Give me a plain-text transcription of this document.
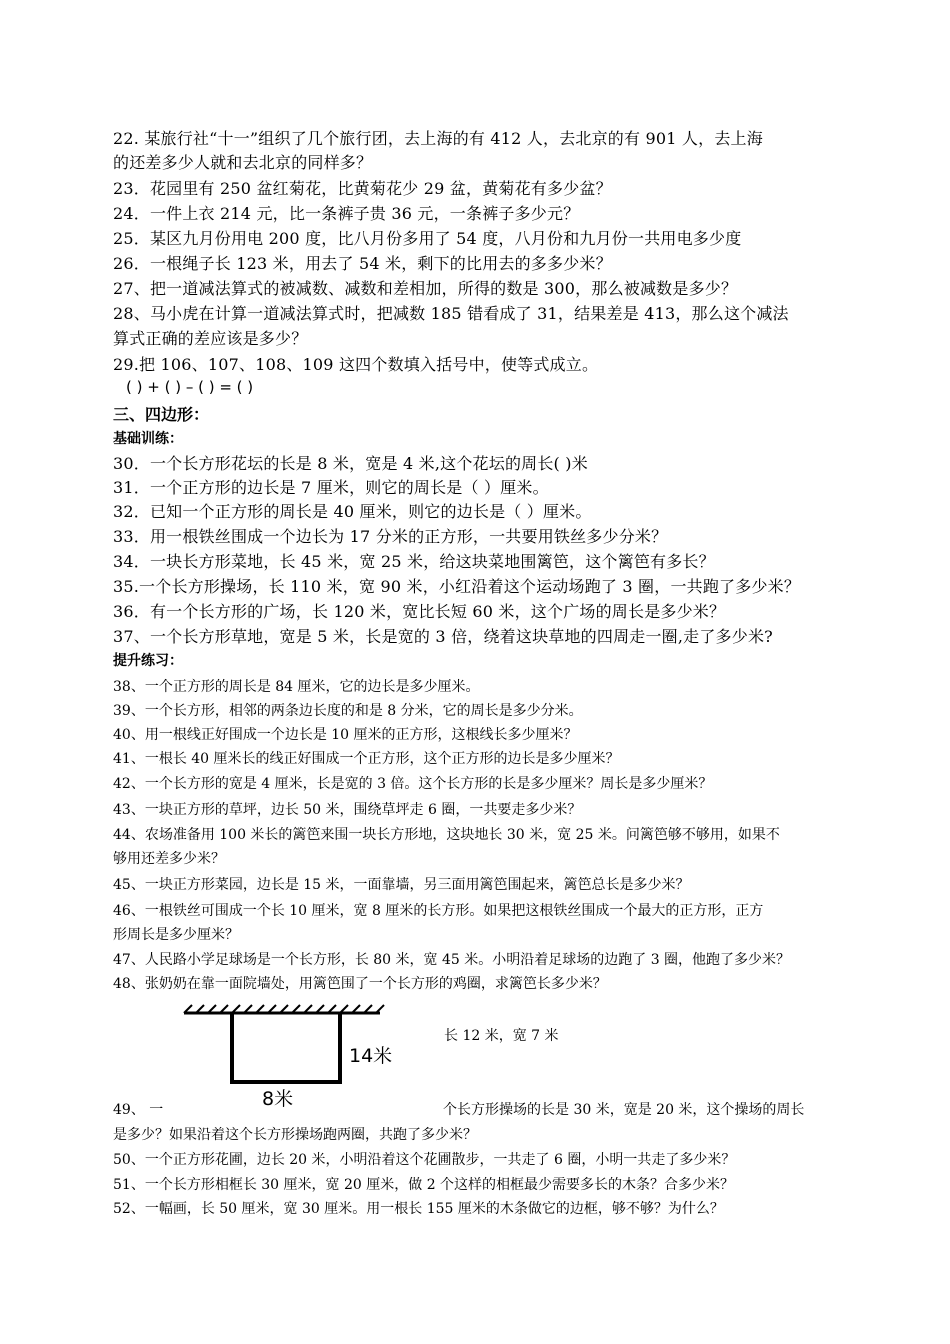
22. 某旅行社“十一”组织了几个旅行团，去上海的有 412 人，去北京的有 901 人，去上海
的还差多少人就和去北京的同样多？
23．花园里有 250 盆红菊花，比黄菊花少 29 盆，黄菊花有多少盆？
24．一件上衣 214 元，比一条裤子贵 36 元，一条裤子多少元？
25．某区九月份用电 200 度，比八月份多用了 54 度，八月份和九月份一共用电多少度
26．一根绳子长 123 米，用去了 54 米，剩下的比用去的多多少米？
27、把一道减法算式的被减数、减数和差相加，所得的数是 300，那么被减数是多少？
28、马小虎在计算一道减法算式时，把减数 185 错看成了 31，结果差是 413，那么这个减法
算式正确的差应该是多少？
29.把 106、107、108、109 这四个数填入括号中，使等式成立。
( ) + ( ) – ( ) = ( )
三、四边形：
基础训练：
30．一个长方形花坛的长是 8 米，宽是 4 米,这个花坛的周长( )米
31．一个正方形的边长是 7 厘米，则它的周长是（ ）厘米。
32．已知一个正方形的周长是 40 厘米，则它的边长是（ ）厘米。
33．用一根铁丝围成一个边长为 17 分米的正方形，一共要用铁丝多少分米？
34．一块长方形菜地，长 45 米，宽 25 米，给这块菜地围篱笆，这个篱笆有多长？
35.一个长方形操场，长 110 米，宽 90 米，小红沿着这个运动场跑了 3 圈，一共跑了多少米？
36．有一个长方形的广场，长 120 米，宽比长短 60 米，这个广场的周长是多少米？
37、一个长方形草地，宽是 5 米，长是宽的 3 倍，绕着这块草地的四周走一圈,走了多少米?
提升练习：
38、一个正方形的周长是 84 厘米，它的边长是多少厘米。
39、一个长方形，相邻的两条边长度的和是 8 分米，它的周长是多少分米。
40、用一根线正好围成一个边长是 10 厘米的正方形，这根线长多少厘米？
41、一根长 40 厘米长的线正好围成一个正方形，这个正方形的边长是多少厘米？
42、一个长方形的宽是 4 厘米，长是宽的 3 倍。这个长方形的长是多少厘米？周长是多少厘米？
43、一块正方形的草坪，边长 50 米，围绕草坪走 6 圈，一共要走多少米？
44、农场准备用 100 米长的篱笆来围一块长方形地，这块地长 30 米，宽 25 米。问篱笆够不够用，如果不
够用还差多少米？
45、一块正方形菜园，边长是 15 米，一面靠墙，另三面用篱笆围起来，篱笆总长是多少米？
46、一根铁丝可围成一个长 10 厘米，宽 8 厘米的长方形。如果把这根铁丝围成一个最大的正方形，正方
形周长是多少厘米？
47、人民路小学足球场是一个长方形，长 80 米，宽 45 米。小明沿着足球场的边跑了 3 圈，他跑了多少米？
48、张奶奶在靠一面院墙处，用篱笆围了一个长方形的鸡圈，求篱笆长多少米？
14米
8米
长 12 米，宽 7 米
49、 一	个长方形操场的长是 30 米，宽是 20 米，这个操场的周长
是多少？如果沿着这个长方形操场跑两圈，共跑了多少米？
50、一个正方形花圃，边长 20 米，小明沿着这个花圃散步，一共走了 6 圈，小明一共走了多少米？
51、一个长方形相框长 30 厘米，宽 20 厘米，做 2 个这样的相框最少需要多长的木条？合多少米？
52、一幅画，长 50 厘米，宽 30 厘米。用一根长 155 厘米的木条做它的边框，够不够？为什么？
